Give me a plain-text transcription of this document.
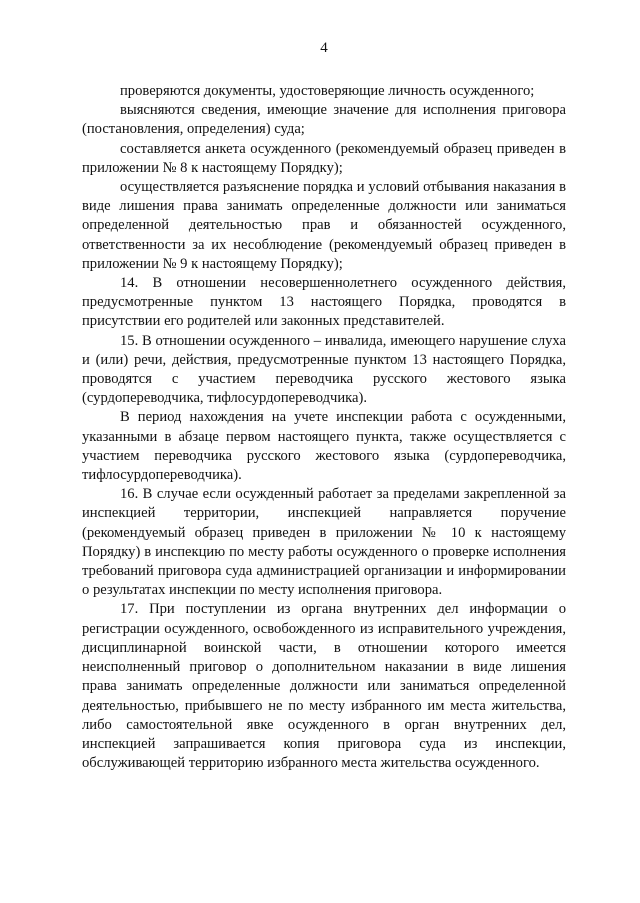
4

проверяются документы, удостоверяющие личность осужденного;

выясняются сведения, имеющие значение для исполнения приговора (постановления, определения) суда;

составляется анкета осужденного (рекомендуемый образец приведен в приложении № 8 к настоящему Порядку);

осуществляется разъяснение порядка и условий отбывания наказания в виде лишения права занимать определенные должности или заниматься определенной деятельностью прав и обязанностей осужденного, ответственности за их несоблюдение (рекомендуемый образец приведен в приложении № 9 к настоящему Порядку);

14. В отношении несовершеннолетнего осужденного действия, предусмотренные пунктом 13 настоящего Порядка, проводятся в присутствии его родителей или законных представителей.

15. В отношении осужденного – инвалида, имеющего нарушение слуха и (или) речи, действия, предусмотренные пунктом 13 настоящего Порядка, проводятся с участием переводчика русского жестового языка (сурдопереводчика, тифлосурдопереводчика).

В период нахождения на учете инспекции работа с осужденными, указанными в абзаце первом настоящего пункта, также осуществляется с участием переводчика русского жестового языка (сурдопереводчика, тифлосурдопереводчика).

16. В случае если осужденный работает за пределами закрепленной за инспекцией территории, инспекцией направляется поручение (рекомендуемый образец приведен в приложении № 10 к настоящему Порядку) в инспекцию по месту работы осужденного о проверке исполнения требований приговора суда администрацией организации и информировании о результатах инспекции по месту исполнения приговора.

17. При поступлении из органа внутренних дел информации о регистрации осужденного, освобожденного из исправительного учреждения, дисциплинарной воинской части, в отношении которого имеется неисполненный приговор о дополнительном наказании в виде лишения права занимать определенные должности или заниматься определенной деятельностью, прибывшего не по месту избранного им места жительства, либо самостоятельной явке осужденного в орган внутренних дел, инспекцией запрашивается копия приговора суда из инспекции, обслуживающей территорию избранного места жительства осужденного.
